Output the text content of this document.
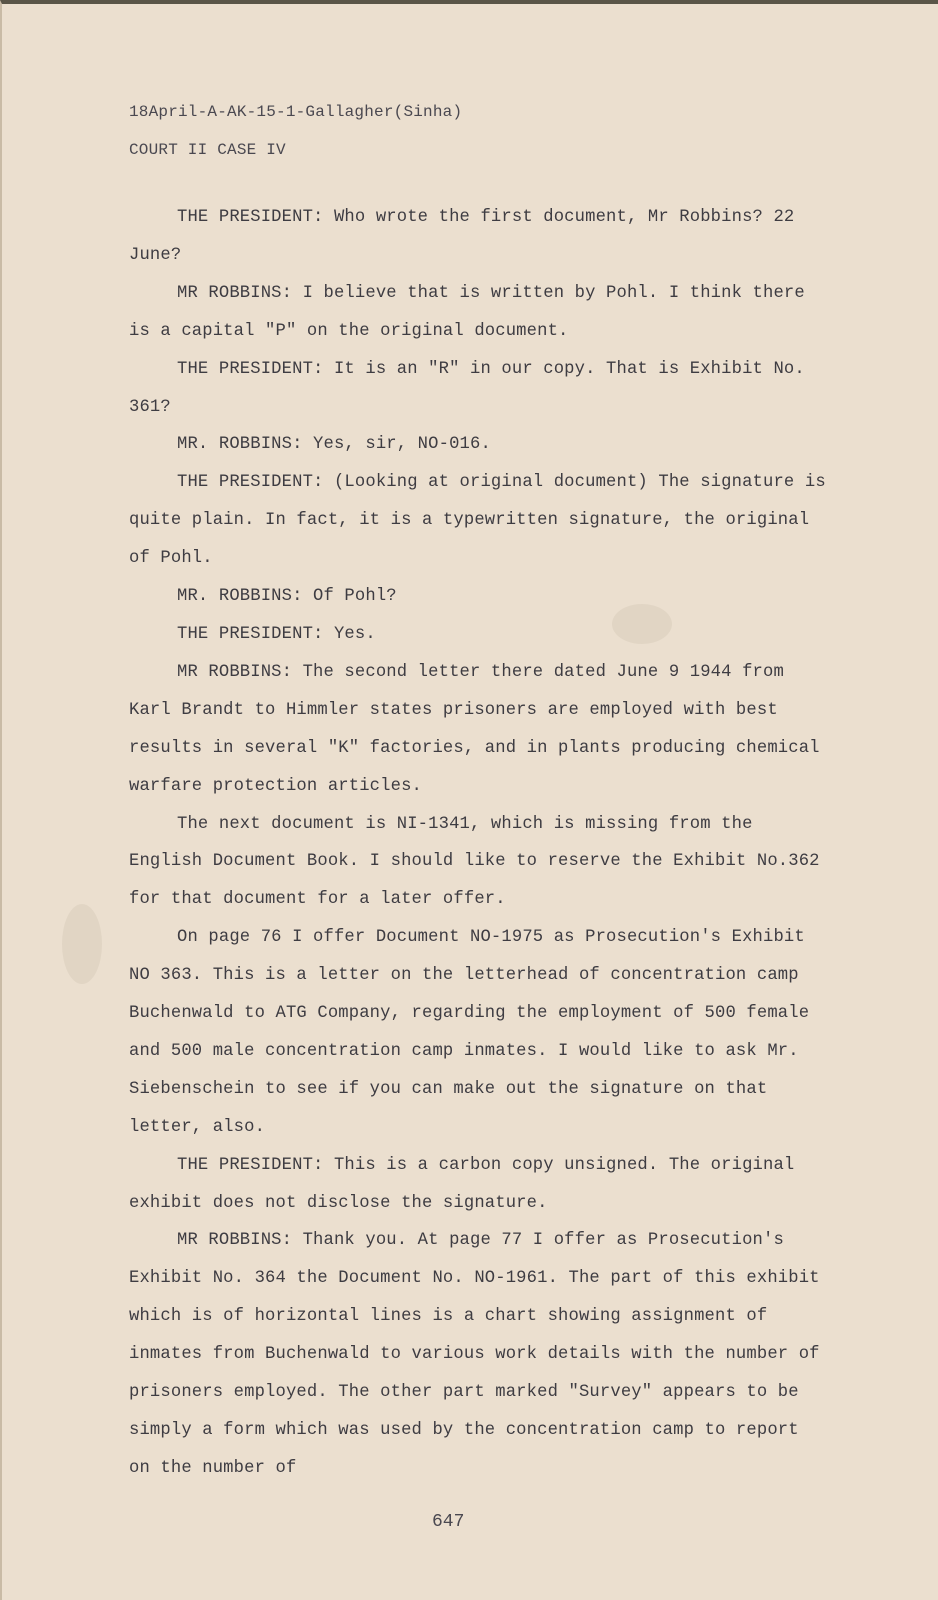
18April-A-AK-15-1-Gallagher(Sinha)
COURT II CASE IV

THE PRESIDENT: Who wrote the first document, Mr Robbins? 22 June?

MR ROBBINS: I believe that is written by Pohl. I think there is a capital "P" on the original document.

THE PRESIDENT: It is an "R" in our copy. That is Exhibit No. 361?

MR. ROBBINS: Yes, sir, NO-016.

THE PRESIDENT: (Looking at original document) The signature is quite plain. In fact, it is a typewritten signature, the original of Pohl.

MR. ROBBINS: Of Pohl?

THE PRESIDENT: Yes.

MR ROBBINS: The second letter there dated June 9 1944 from Karl Brandt to Himmler states prisoners are employed with best results in several "K" factories, and in plants producing chemical warfare protection articles.

The next document is NI-1341, which is missing from the English Document Book. I should like to reserve the Exhibit No.362 for that document for a later offer.

On page 76 I offer Document NO-1975 as Prosecution's Exhibit NO 363. This is a letter on the letterhead of concentration camp Buchenwald to ATG Company, regarding the employment of 500 female and 500 male concentration camp inmates. I would like to ask Mr. Siebenschein to see if you can make out the signature on that letter, also.

THE PRESIDENT: This is a carbon copy unsigned. The original exhibit does not disclose the signature.

MR ROBBINS: Thank you. At page 77 I offer as Prosecution's Exhibit No. 364 the Document No. NO-1961. The part of this exhibit which is of horizontal lines is a chart showing assignment of inmates from Buchenwald to various work details with the number of prisoners employed. The other part marked "Survey" appears to be simply a form which was used by the concentration camp to report on the number of

647
